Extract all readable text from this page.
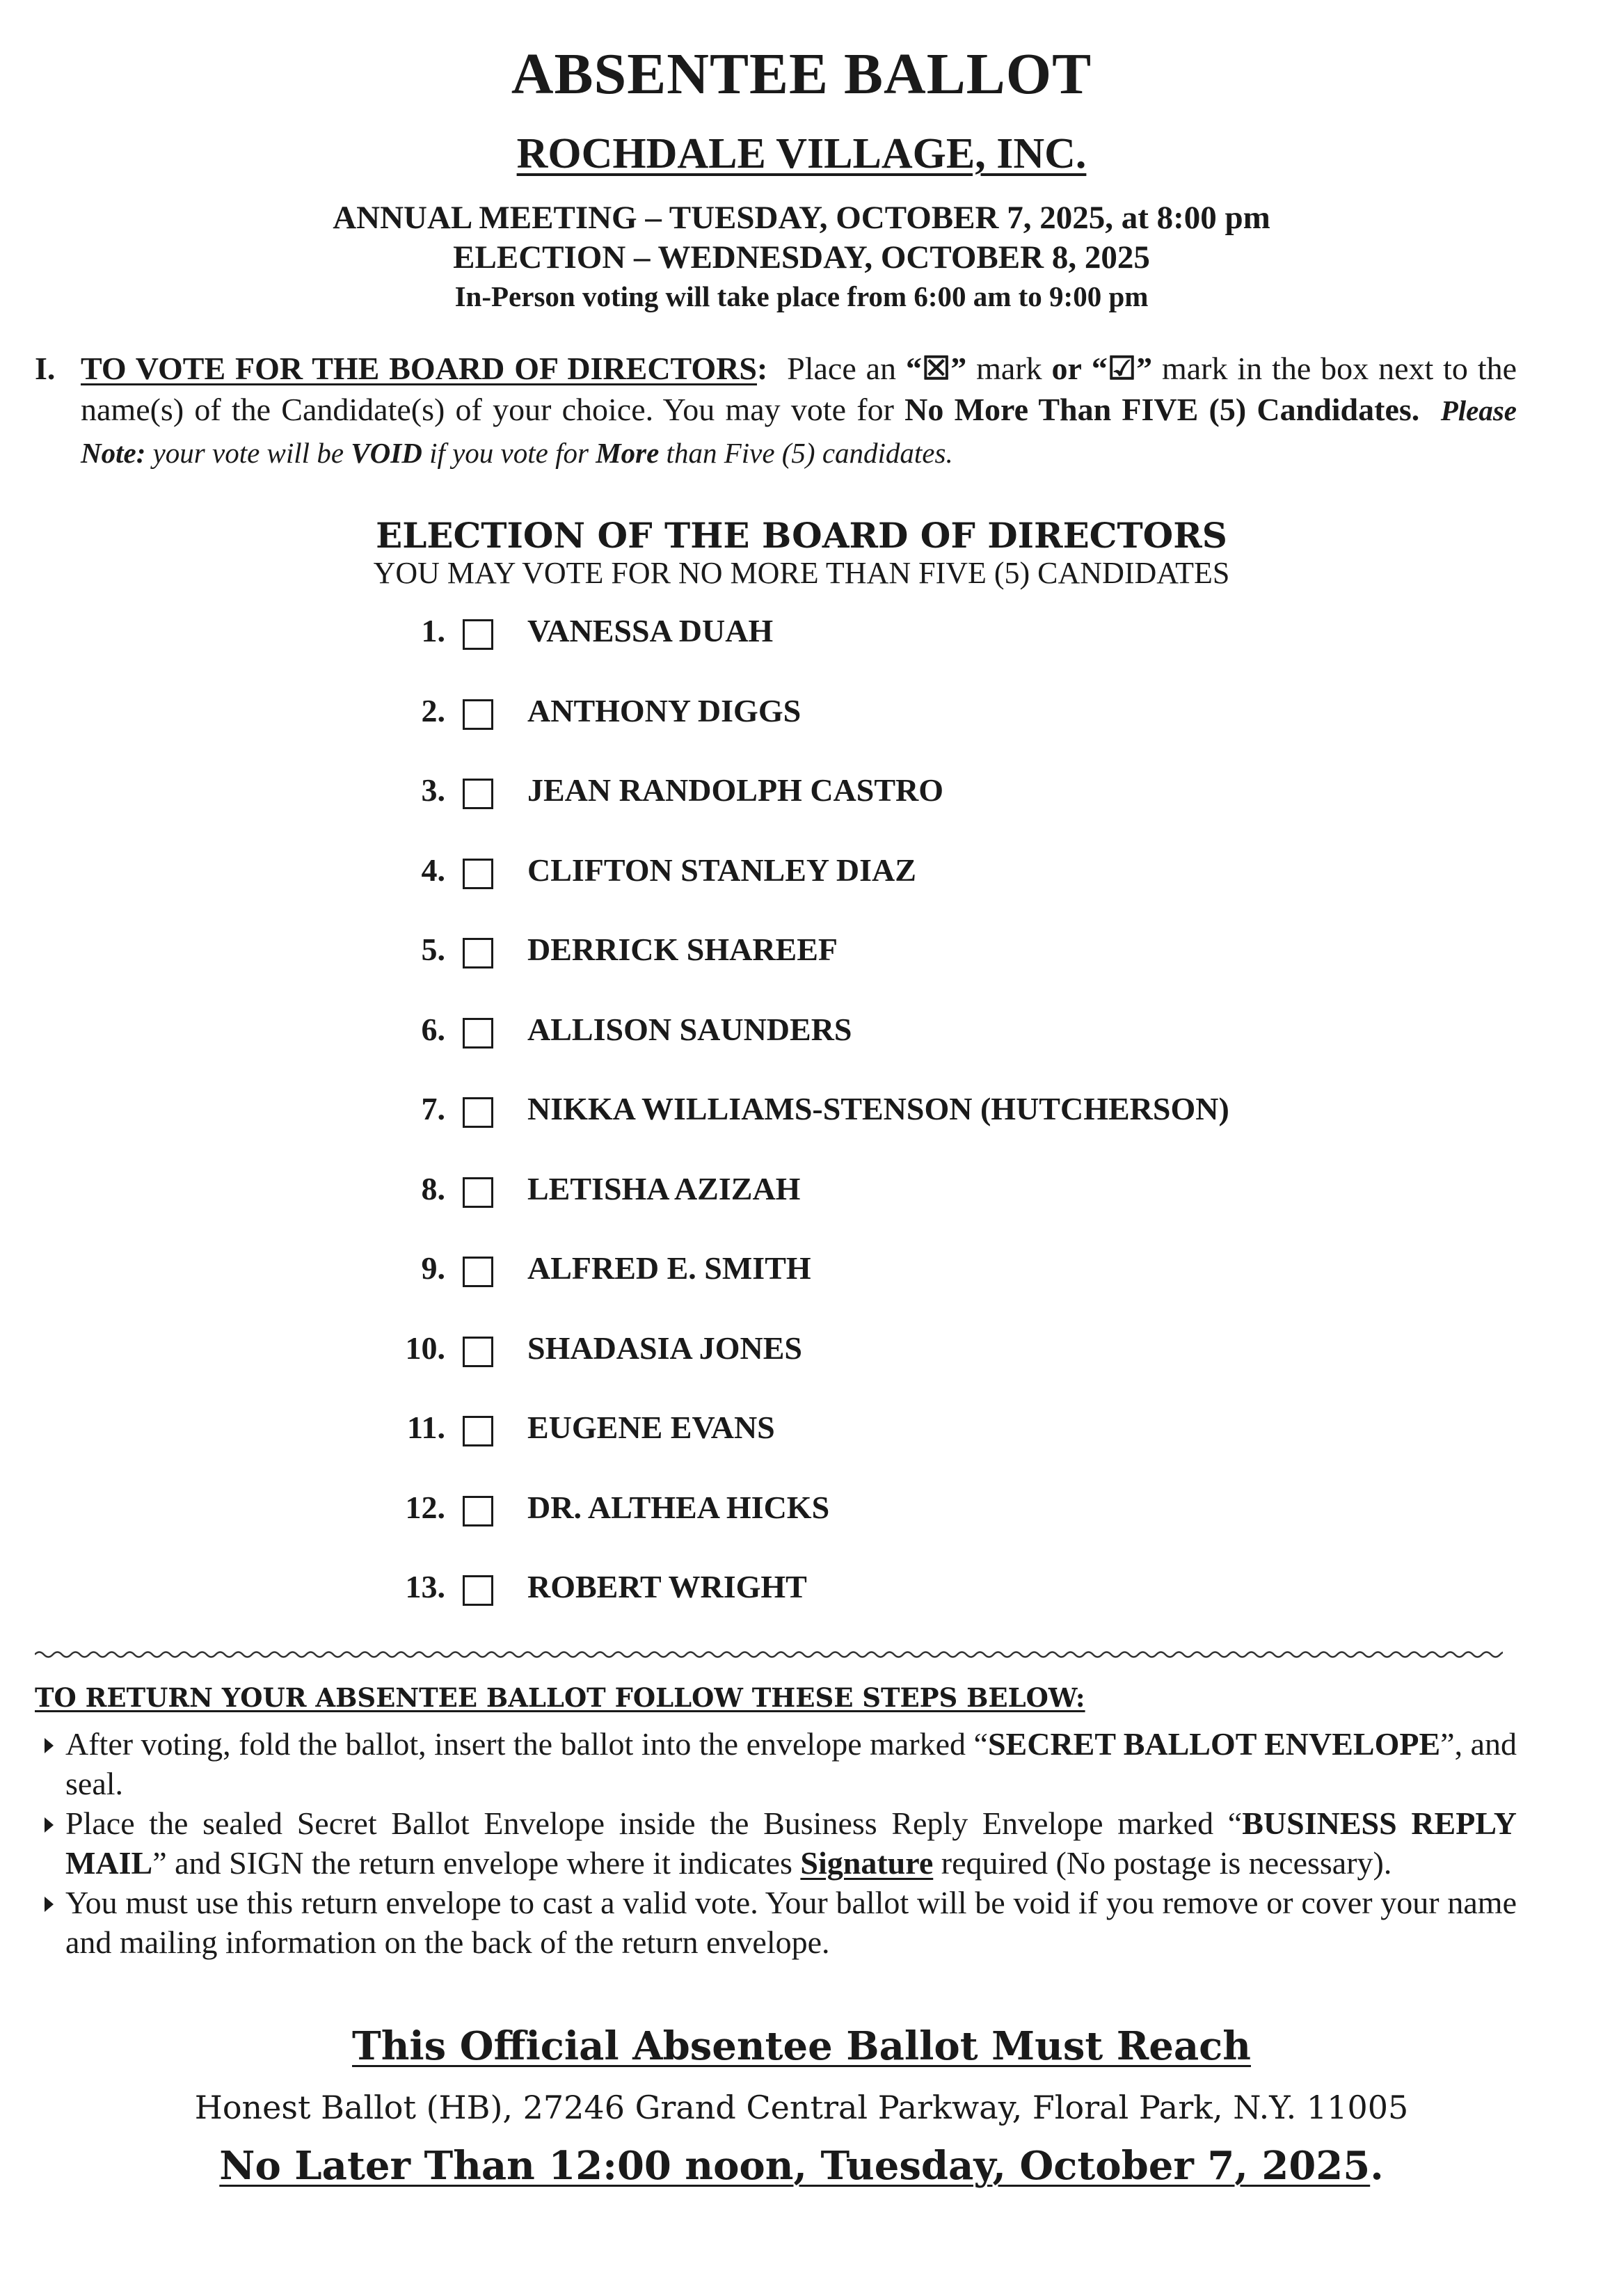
ABSENTEE BALLOT
ROCHDALE VILLAGE, INC.
ANNUAL MEETING – TUESDAY, OCTOBER 7, 2025, at 8:00 pm
ELECTION – WEDNESDAY, OCTOBER 8, 2025
In-Person voting will take place from 6:00 am to 9:00 pm
I. TO VOTE FOR THE BOARD OF DIRECTORS: Place an “☒” mark or “☑” mark in the box next to the name(s) of the Candidate(s) of your choice. You may vote for No More Than FIVE (5) Candidates. Please Note: your vote will be VOID if you vote for More than Five (5) candidates.
ELECTION OF THE BOARD OF DIRECTORS
YOU MAY VOTE FOR NO MORE THAN FIVE (5) CANDIDATES
1.	VANESSA DUAH
2.	ANTHONY DIGGS
3.	JEAN RANDOLPH CASTRO
4.	CLIFTON STANLEY DIAZ
5.	DERRICK SHAREEF
6.	ALLISON SAUNDERS
7.	NIKKA WILLIAMS-STENSON (HUTCHERSON)
8.	LETISHA AZIZAH
9.	ALFRED E. SMITH
10.	SHADASIA JONES
11.	EUGENE EVANS
12.	DR. ALTHEA HICKS
13.	ROBERT WRIGHT
TO RETURN YOUR ABSENTEE BALLOT FOLLOW THESE STEPS BELOW:
After voting, fold the ballot, insert the ballot into the envelope marked “SECRET BALLOT ENVELOPE”, and seal.
Place the sealed Secret Ballot Envelope inside the Business Reply Envelope marked “BUSINESS REPLY MAIL” and SIGN the return envelope where it indicates Signature required (No postage is necessary).
You must use this return envelope to cast a valid vote. Your ballot will be void if you remove or cover your name and mailing information on the back of the return envelope.
This Official Absentee Ballot Must Reach
Honest Ballot (HB), 27246 Grand Central Parkway, Floral Park, N.Y. 11005
No Later Than 12:00 noon, Tuesday, October 7, 2025.
